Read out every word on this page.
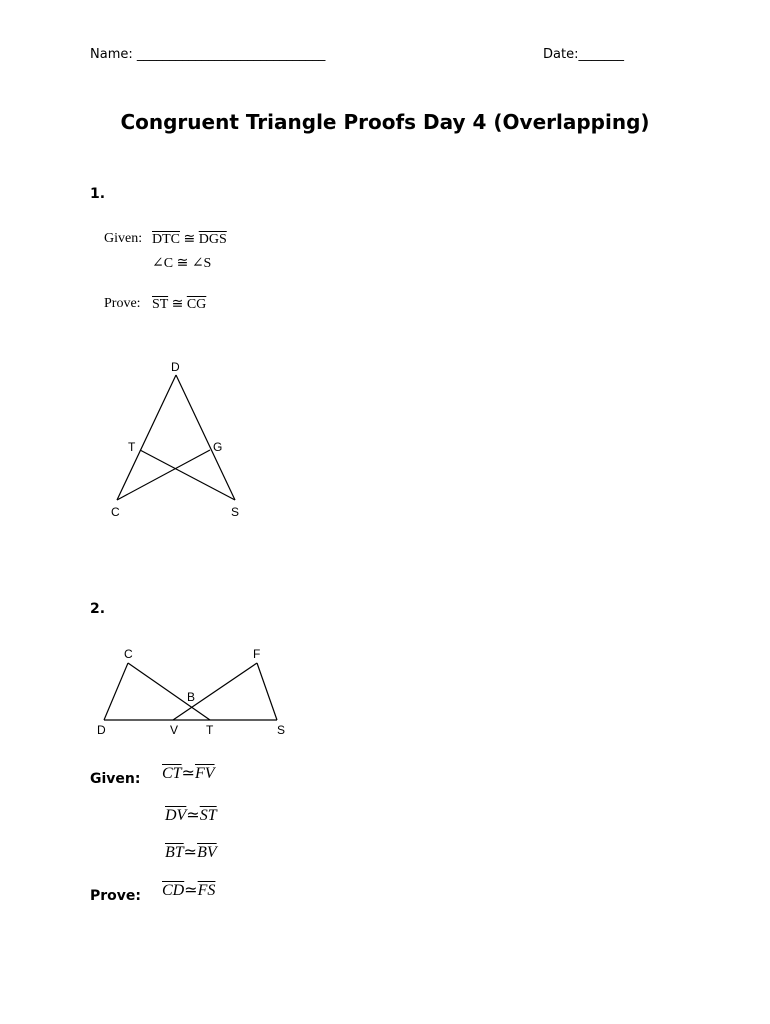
Name: _____________________________	Date:_______
Congruent Triangle Proofs Day 4 (Overlapping)
1.
Given: $\overline{DTC}$ ≅ $\overline{DGS}$
∠C ≅ ∠S
Prove: $\overline{ST}$ ≅ $\overline{CG}$
D
T	G
C	S
2.
C	F
B
D	V T	S
Given: $\overline{CT}≃\overline{FV}$
$\overline{DV}≃\overline{ST}$
$\overline{BT}≃\overline{BV}$
Prove: $\overline{CD}≃\overline{FS}$
